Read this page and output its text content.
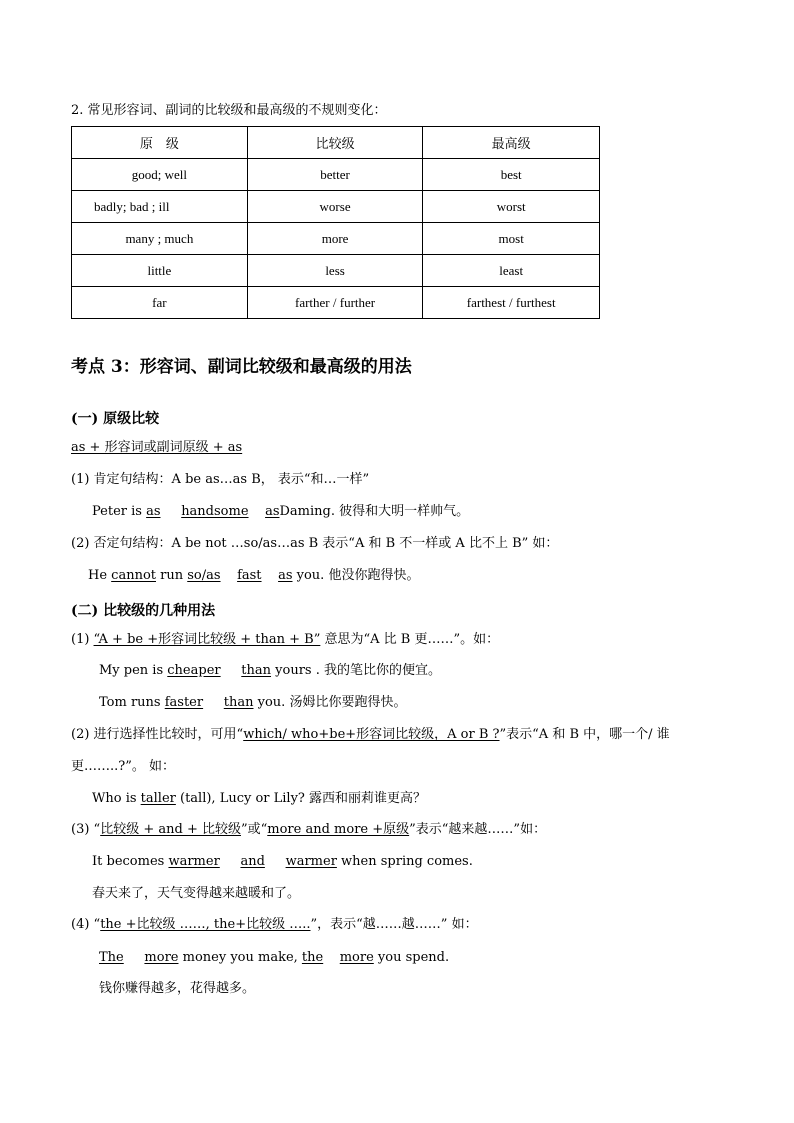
2. 常见形容词、副词的比较级和最高级的不规则变化：
原　级	比较级	最高级
good; well	better	best
badly; bad ; ill	worse	worst
many ; much	more	most
little	less	least
far	farther / further	farthest / furthest
考点 3：形容词、副词比较级和最高级的用法
(一) 原级比较
as + 形容词或副词原级 + as
(1) 肯定句结构：A be as…as B， 表示“和…一样”
Peter is as handsome asDaming. 彼得和大明一样帅气。
(2) 否定句结构：A be not …so/as…as B 表示“A 和 B 不一样或 A 比不上 B” 如：
He cannot run so/as fast as you. 他没你跑得快。
(二) 比较级的几种用法
(1) “A + be +形容词比较级 + than + B” 意思为“A 比 B 更……”。如：
My pen is cheaper than yours . 我的笔比你的便宜。
Tom runs faster than you. 汤姆比你要跑得快。
(2) 进行选择性比较时，可用“which/ who+be+形容词比较级，A or B ?”表示“A 和 B 中，哪一个/ 谁
更……..?”。 如：
Who is taller (tall), Lucy or Lily? 露西和丽莉谁更高？
(3) “比较级 + and + 比较级”或“more and more +原级”表示“越来越……”如：
It becomes warmer and warmer when spring comes.
春天来了，天气变得越来越暖和了。
(4) “the +比较级 ……, the+比较级 …..”，表示“越……越……” 如：
The more money you make, the more you spend.
钱你赚得越多，花得越多。
